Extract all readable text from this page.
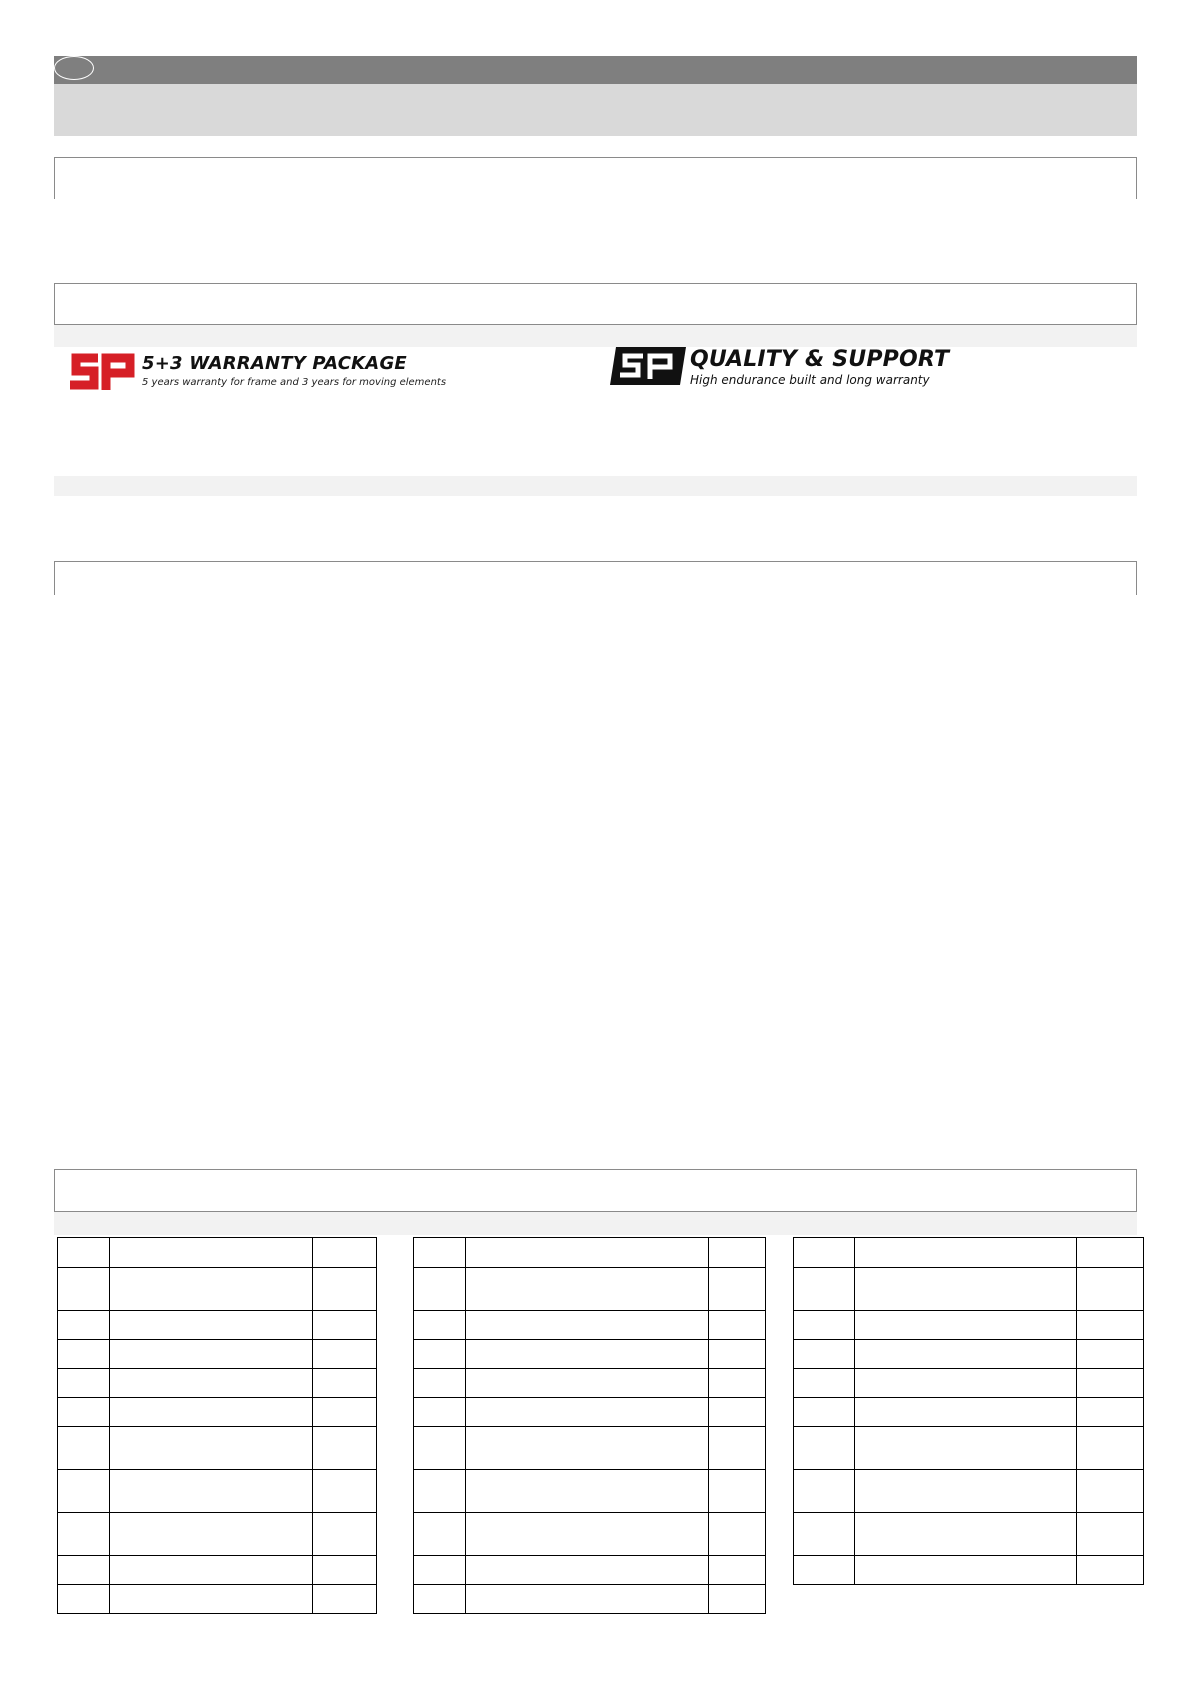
5+3 WARRANTY PACKAGE
5 years warranty for frame and 3 years for moving elements
QUALITY & SUPPORT
High endurance built and long warranty
